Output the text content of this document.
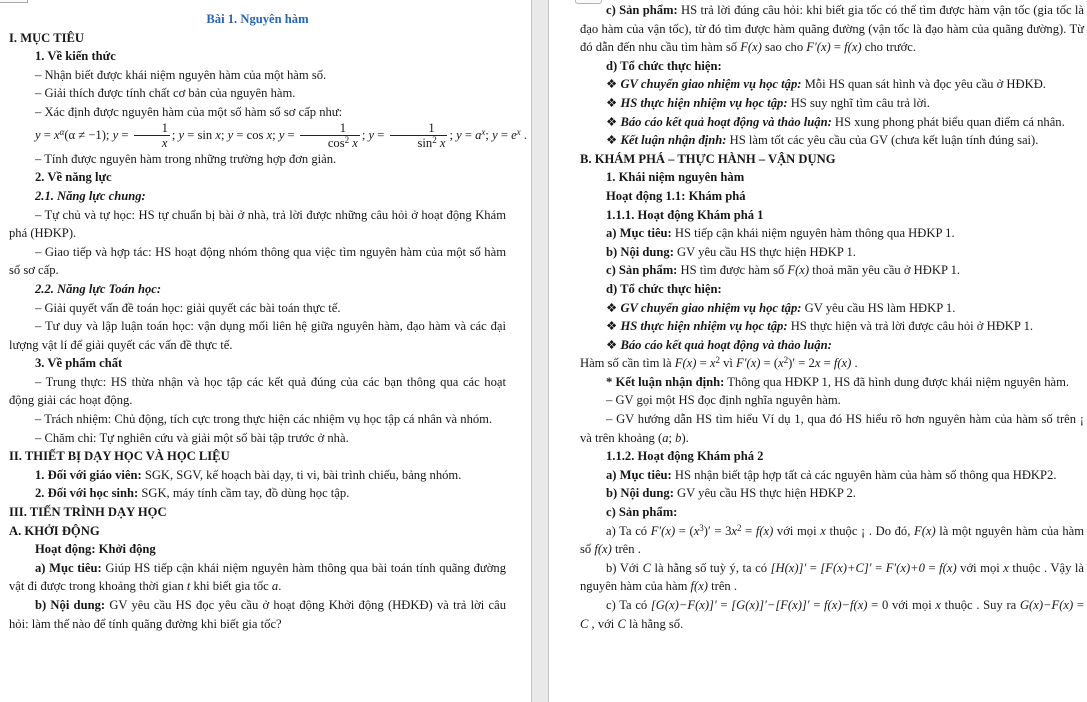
Bài 1. Nguyên hàm

I. MỤC TIÊU

1. Về kiến thức

– Nhận biết được khái niệm nguyên hàm của một hàm số.

– Giải thích được tính chất cơ bản của nguyên hàm.

– Xác định được nguyên hàm của một số hàm số sơ cấp như:

$y = x^\alpha(\alpha \ne -1)$; $y = \frac{1}{x}$ ; y = sin x; y = cos x; $y = \frac{1}{\cos^2 x}$ ; $y = \frac{1}{\sin^2 x}$ ; $y = a^x$; $y = e^x$ .

– Tính được nguyên hàm trong những trường hợp đơn giản.

2. Về năng lực

2.1. Năng lực chung:

– Tự chủ và tự học: HS tự chuẩn bị bài ở nhà, trả lời được những câu hỏi ở hoạt động Khám phá (HĐKP).

– Giao tiếp và hợp tác: HS hoạt động nhóm thông qua việc tìm nguyên hàm của một số hàm số sơ cấp.

2.2. Năng lực Toán học:

– Giải quyết vấn đề toán học: giải quyết các bài toán thực tế.

– Tư duy và lập luận toán học: vận dụng mối liên hệ giữa nguyên hàm, đạo hàm và các đại lượng vật lí để giải quyết các vấn đề thực tế.

3. Về phẩm chất

– Trung thực: HS thừa nhận và học tập các kết quả đúng của các bạn thông qua các hoạt động giải các hoạt động.

– Trách nhiệm: Chủ động, tích cực trong thực hiện các nhiệm vụ học tập cá nhân và nhóm.

– Chăm chỉ: Tự nghiên cứu và giải một số bài tập trước ở nhà.

II. THIẾT BỊ DẠY HỌC VÀ HỌC LIỆU

1. Đối với giáo viên: SGK, SGV, kế hoạch bài dạy, ti vi, bài trình chiếu, bảng nhóm.

2. Đối với học sinh: SGK, máy tính cầm tay, đồ dùng học tập.

III. TIẾN TRÌNH DẠY HỌC

A. KHỞI ĐỘNG

Hoạt động: Khởi động

a) Mục tiêu: Giúp HS tiếp cận khái niệm nguyên hàm thông qua bài toán tính quãng đường vật đi được trong khoảng thời gian t khi biết gia tốc a.

b) Nội dung: GV yêu cầu HS đọc yêu cầu ở hoạt động Khởi động (HĐKĐ) và trả lời câu hỏi: làm thế nào để tính quãng đường khi biết gia tốc?

c) Sản phẩm: HS trả lời đúng câu hỏi: khi biết gia tốc có thể tìm được hàm vận tốc (gia tốc là đạo hàm của vận tốc), từ đó tìm được hàm quãng đường (vận tốc là đạo hàm của quãng đường). Từ đó dẫn đến nhu cầu tìm hàm số F(x) sao cho F′(x) = f(x) cho trước.

d) Tổ chức thực hiện:

❖ GV chuyển giao nhiệm vụ học tập: Mỗi HS quan sát hình và đọc yêu cầu ở HĐKĐ.

❖ HS thực hiện nhiệm vụ học tập: HS suy nghĩ tìm câu trả lời.

❖ Báo cáo kết quả hoạt động và thảo luận: HS xung phong phát biểu quan điểm cá nhân.

❖ Kết luận nhận định: HS làm tốt các yêu cầu của GV (chưa kết luận tính đúng sai).

B. KHÁM PHÁ – THỰC HÀNH – VẬN DỤNG

1. Khái niệm nguyên hàm

Hoạt động 1.1: Khám phá

1.1.1. Hoạt động Khám phá 1

a) Mục tiêu: HS tiếp cận khái niệm nguyên hàm thông qua HĐKP 1.

b) Nội dung: GV yêu cầu HS thực hiện HĐKP 1.

c) Sản phẩm: HS tìm được hàm số F(x) thoả mãn yêu cầu ở HĐKP 1.

d) Tổ chức thực hiện:

❖ GV chuyển giao nhiệm vụ học tập: GV yêu cầu HS làm HĐKP 1.

❖ HS thực hiện nhiệm vụ học tập: HS thực hiện và trả lời được câu hỏi ở HĐKP 1.

❖ Báo cáo kết quả hoạt động và thảo luận:

Hàm số cần tìm là $F(x) = x^2$ vì $F'(x) = (x^2)' = 2x = f(x)$ .

* Kết luận nhận định: Thông qua HĐKP 1, HS đã hình dung được khái niệm nguyên hàm.

– GV gọi một HS đọc định nghĩa nguyên hàm.

– GV hướng dẫn HS tìm hiểu Ví dụ 1, qua đó HS hiểu rõ hơn nguyên hàm của hàm số trên ¡ và trên khoảng (a; b).

1.1.2. Hoạt động Khám phá 2

a) Mục tiêu: HS nhận biết tập hợp tất cả các nguyên hàm của hàm số thông qua HĐKP2.

b) Nội dung: GV yêu cầu HS thực hiện HĐKP 2.

c) Sản phẩm:

a) Ta có $F'(x) = (x^3)' = 3x^2 = f(x)$ với mọi x thuộc ¡ . Do đó, F(x) là một nguyên hàm của hàm số f(x) trên .

b) Với C là hằng số tuỳ ý, ta có [H(x)]′ = [F(x)+C]′ = F′(x)+0 = f(x) với mọi x thuộc . Vậy là nguyên hàm của hàm f(x) trên .

c) Ta có [G(x)−F(x)]′ = [G(x)]′−[F(x)]′ = f(x)−f(x) = 0 với mọi x thuộc . Suy ra G(x)−F(x) = C , với C là hằng số.
